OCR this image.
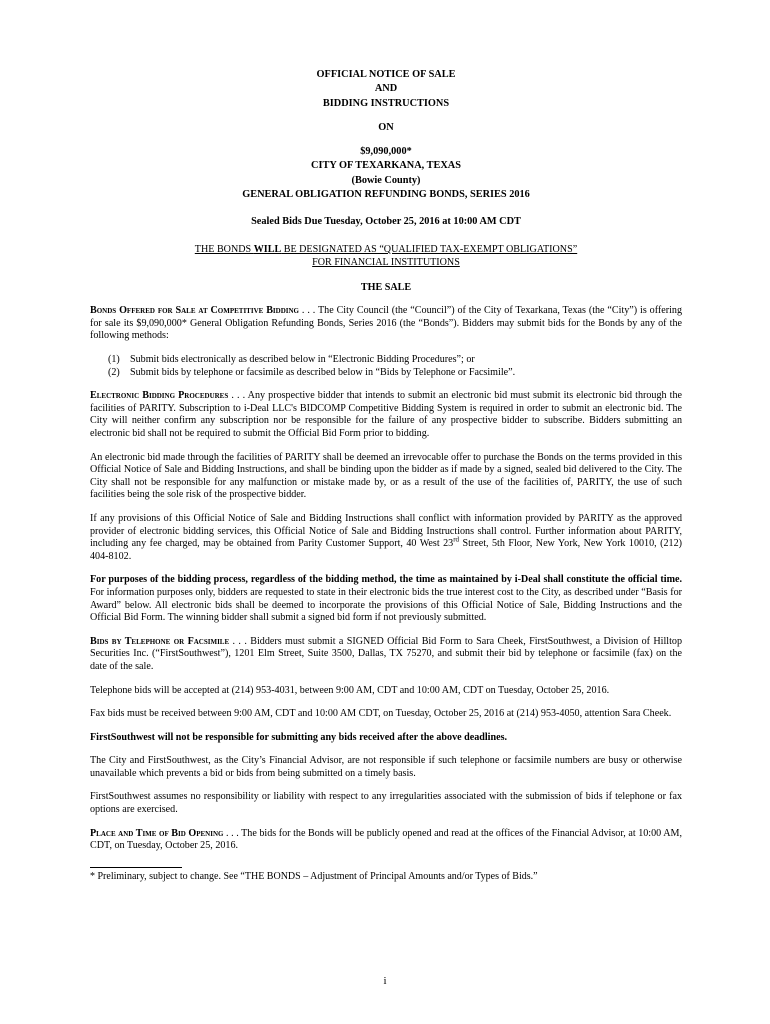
OFFICIAL NOTICE OF SALE
AND
BIDDING INSTRUCTIONS
ON
$9,090,000*
CITY OF TEXARKANA, TEXAS
(Bowie County)
GENERAL OBLIGATION REFUNDING BONDS, SERIES 2016
Sealed Bids Due Tuesday, October 25, 2016 at 10:00 AM CDT
THE BONDS WILL BE DESIGNATED AS “QUALIFIED TAX-EXEMPT OBLIGATIONS”
FOR FINANCIAL INSTITUTIONS
THE SALE

Bonds Offered for Sale at Competitive Bidding . . . The City Council (the “Council”) of the City of Texarkana, Texas (the “City”) is offering for sale its $9,090,000* General Obligation Refunding Bonds, Series 2016 (the “Bonds”). Bidders may submit bids for the Bonds by any of the following methods:

(1)	Submit bids electronically as described below in “Electronic Bidding Procedures”; or
(2)	Submit bids by telephone or facsimile as described below in “Bids by Telephone or Facsimile”.

Electronic Bidding Procedures . . . Any prospective bidder that intends to submit an electronic bid must submit its electronic bid through the facilities of PARITY. Subscription to i-Deal LLC's BIDCOMP Competitive Bidding System is required in order to submit an electronic bid. The City will neither confirm any subscription nor be responsible for the failure of any prospective bidder to subscribe. Bidders submitting an electronic bid shall not be required to submit the Official Bid Form prior to bidding.

An electronic bid made through the facilities of PARITY shall be deemed an irrevocable offer to purchase the Bonds on the terms provided in this Official Notice of Sale and Bidding Instructions, and shall be binding upon the bidder as if made by a signed, sealed bid delivered to the City. The City shall not be responsible for any malfunction or mistake made by, or as a result of the use of the facilities of, PARITY, the use of such facilities being the sole risk of the prospective bidder.

If any provisions of this Official Notice of Sale and Bidding Instructions shall conflict with information provided by PARITY as the approved provider of electronic bidding services, this Official Notice of Sale and Bidding Instructions shall control. Further information about PARITY, including any fee charged, may be obtained from Parity Customer Support, 40 West 23rd Street, 5th Floor, New York, New York 10010, (212) 404-8102.

For purposes of the bidding process, regardless of the bidding method, the time as maintained by i-Deal shall constitute the official time. For information purposes only, bidders are requested to state in their electronic bids the true interest cost to the City, as described under “Basis for Award” below. All electronic bids shall be deemed to incorporate the provisions of this Official Notice of Sale, Bidding Instructions and the Official Bid Form. The winning bidder shall submit a signed bid form if not previously submitted.

Bids by Telephone or Facsimile . . . Bidders must submit a SIGNED Official Bid Form to Sara Cheek, FirstSouthwest, a Division of Hilltop Securities Inc. (“FirstSouthwest”), 1201 Elm Street, Suite 3500, Dallas, TX 75270, and submit their bid by telephone or facsimile (fax) on the date of the sale.

Telephone bids will be accepted at (214) 953-4031, between 9:00 AM, CDT and 10:00 AM, CDT on Tuesday, October 25, 2016.

Fax bids must be received between 9:00 AM, CDT and 10:00 AM CDT, on Tuesday, October 25, 2016 at (214) 953-4050, attention Sara Cheek.

FirstSouthwest will not be responsible for submitting any bids received after the above deadlines.

The City and FirstSouthwest, as the City’s Financial Advisor, are not responsible if such telephone or facsimile numbers are busy or otherwise unavailable which prevents a bid or bids from being submitted on a timely basis.

FirstSouthwest assumes no responsibility or liability with respect to any irregularities associated with the submission of bids if telephone or fax options are exercised.

Place and Time of Bid Opening . . . The bids for the Bonds will be publicly opened and read at the offices of the Financial Advisor, at 10:00 AM, CDT, on Tuesday, October 25, 2016.

* Preliminary, subject to change. See “THE BONDS – Adjustment of Principal Amounts and/or Types of Bids.”
i
